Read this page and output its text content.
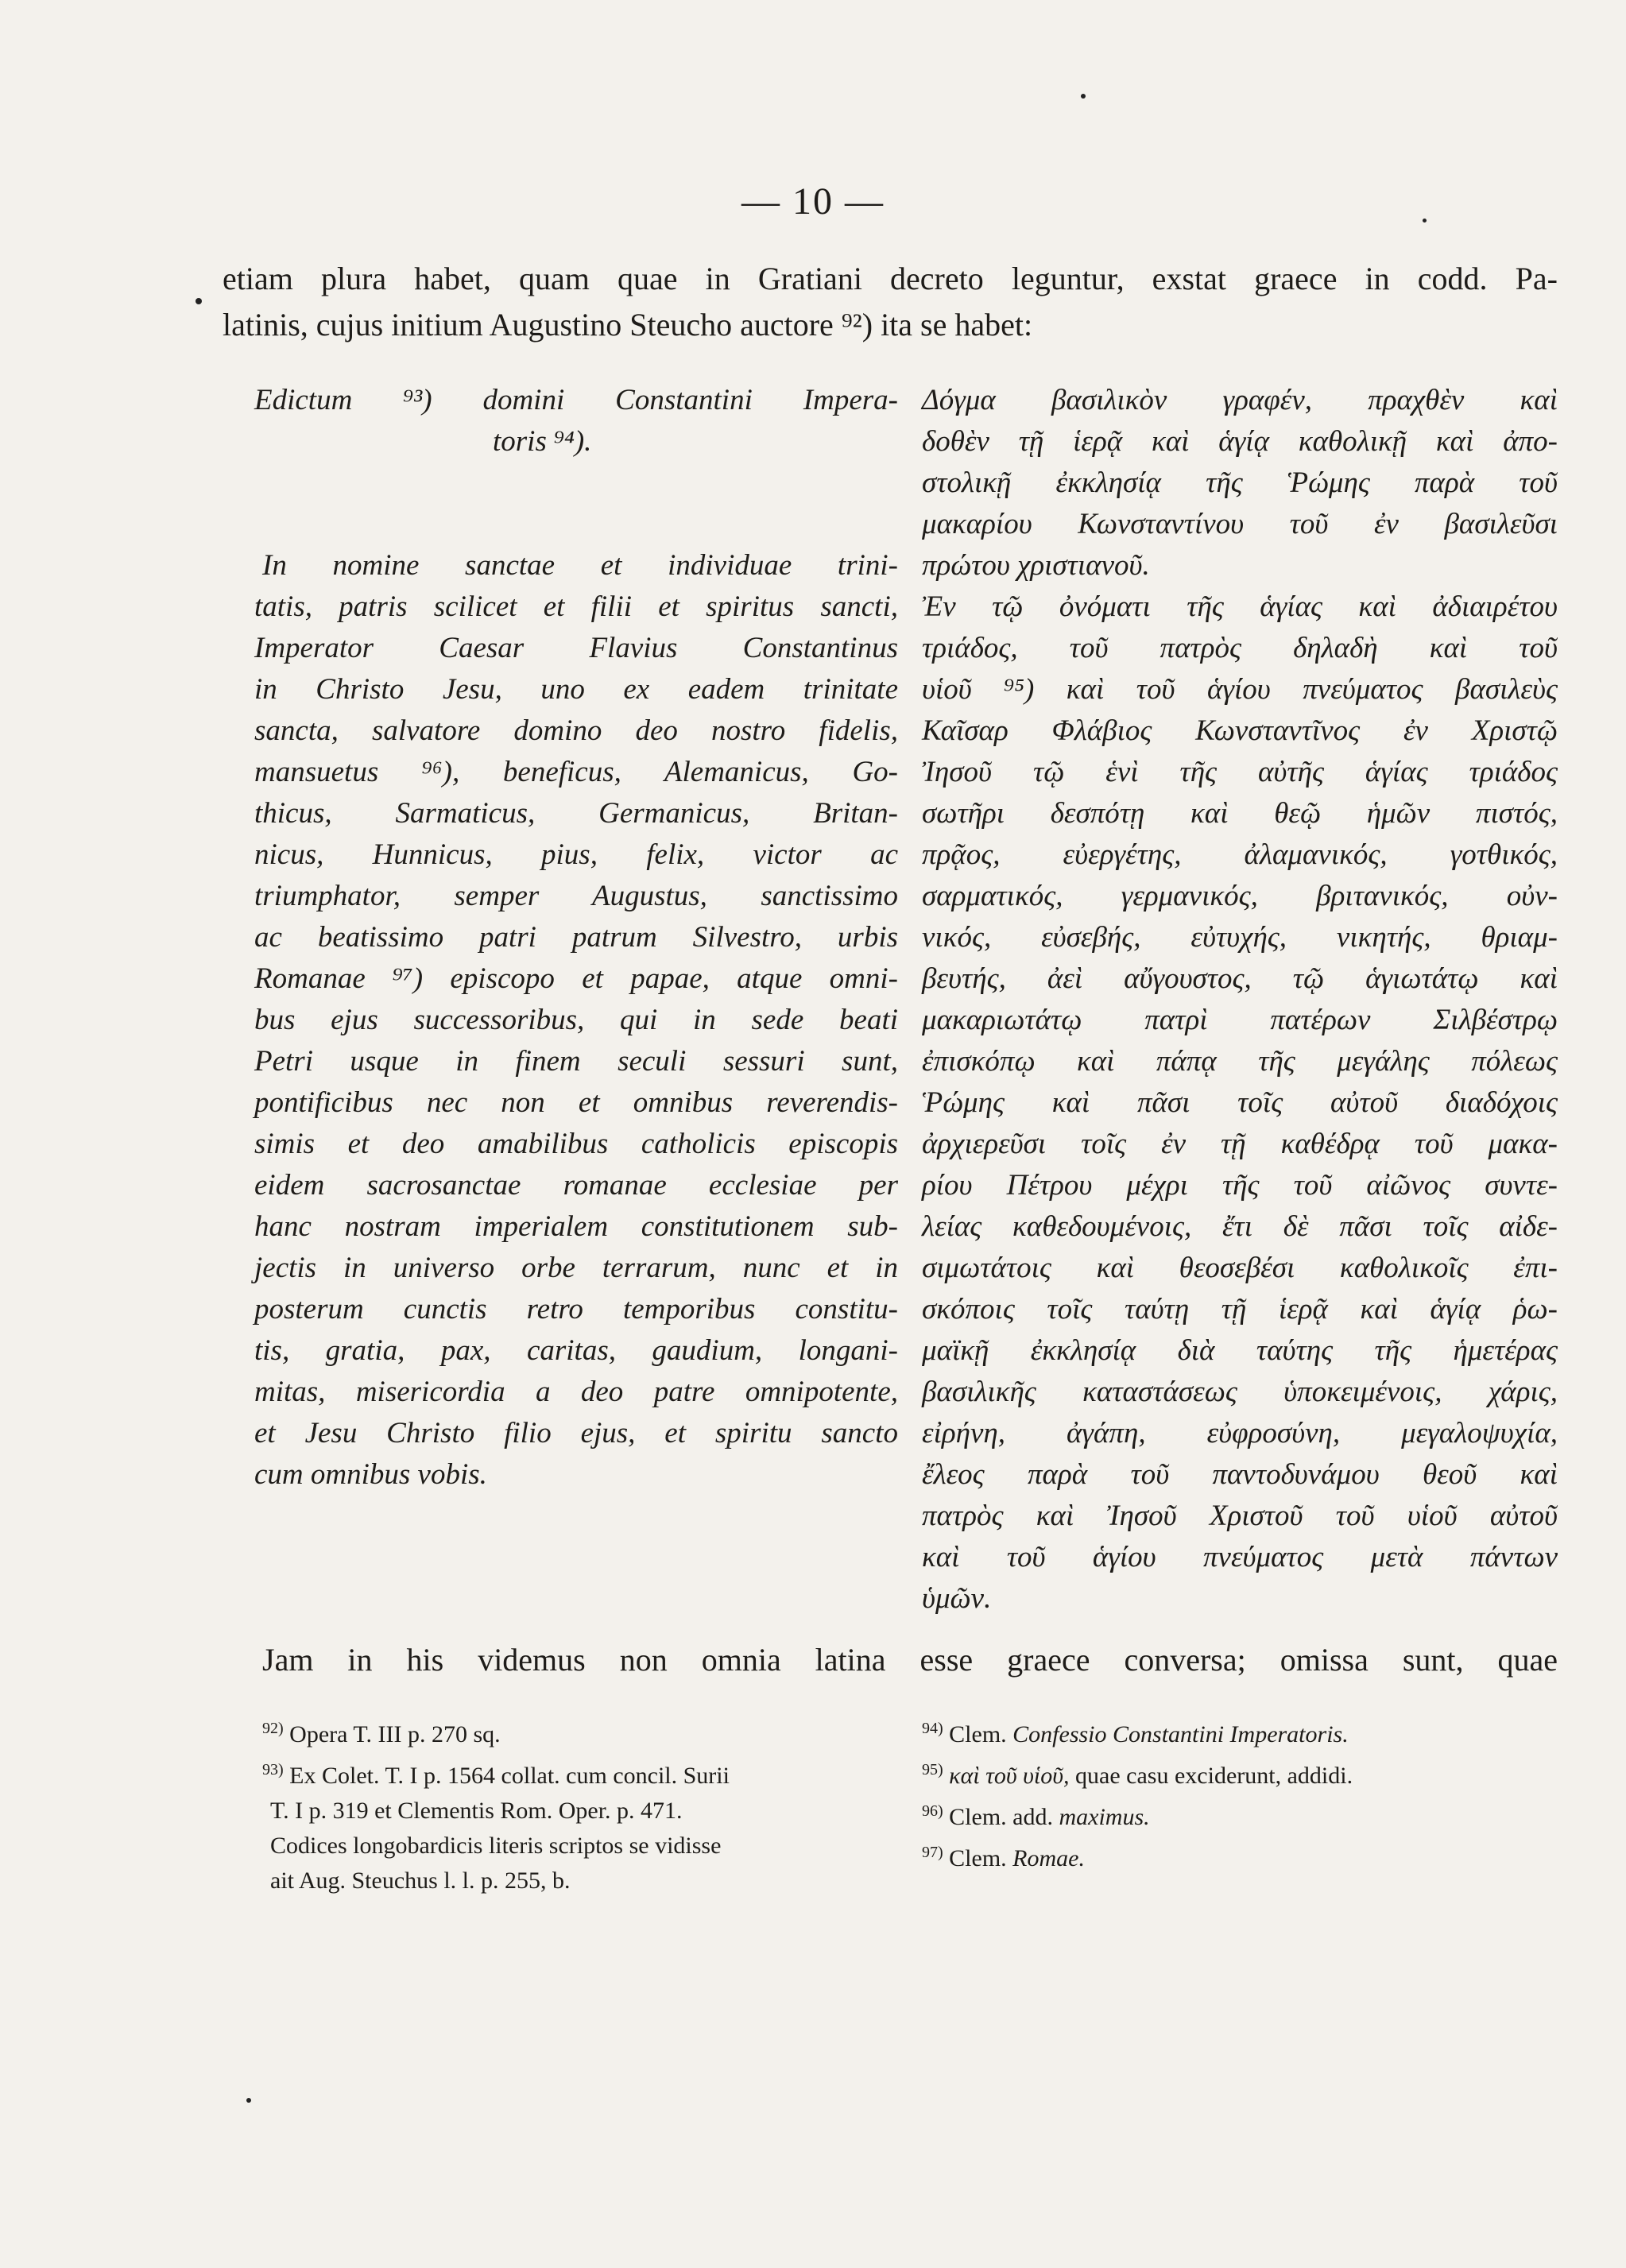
— 10 —
etiam plura habet, quam quae in Gratiani decreto leguntur, exstat graece in codd. Pa-
latinis, cujus initium Augustino Steucho auctore ⁹²) ita se habet:
Edictum ⁹³) domini Constantini Impera-
toris ⁹⁴).
In nomine sanctae et individuae trini-
tatis, patris scilicet et filii et spiritus sancti,
Imperator Caesar Flavius Constantinus
in Christo Jesu, uno ex eadem trinitate
sancta, salvatore domino deo nostro fidelis,
mansuetus ⁹⁶), beneficus, Alemanicus, Go-
thicus, Sarmaticus, Germanicus, Britan-
nicus, Hunnicus, pius, felix, victor ac
triumphator, semper Augustus, sanctissimo
ac beatissimo patri patrum Silvestro, urbis
Romanae ⁹⁷) episcopo et papae, atque omni-
bus ejus successoribus, qui in sede beati
Petri usque in finem seculi sessuri sunt,
pontificibus nec non et omnibus reverendis-
simis et deo amabilibus catholicis episcopis
eidem sacrosanctae romanae ecclesiae per
hanc nostram imperialem constitutionem sub-
jectis in universo orbe terrarum, nunc et in
posterum cunctis retro temporibus constitu-
tis, gratia, pax, caritas, gaudium, longani-
mitas, misericordia a deo patre omnipotente,
et Jesu Christo filio ejus, et spiritu sancto
cum omnibus vobis.
Δόγμα βασιλικὸν γραφέν, πραχθὲν καὶ
δοθὲν τῇ ἱερᾷ καὶ ἁγίᾳ καθολικῇ καὶ ἀπο-
στολικῇ ἐκκλησίᾳ τῆς Ῥώμης παρὰ τοῦ
μακαρίου Κωνσταντίνου τοῦ ἐν βασιλεῦσι
πρώτου χριστιανοῦ.
Ἐν τῷ ὀνόματι τῆς ἁγίας καὶ ἀδιαιρέτου
τριάδος, τοῦ πατρὸς δηλαδὴ καὶ τοῦ
υἱοῦ ⁹⁵) καὶ τοῦ ἁγίου πνεύματος βασιλεὺς
Καῖσαρ Φλάβιος Κωνσταντῖνος ἐν Χριστῷ
Ἰησοῦ τῷ ἑνὶ τῆς αὐτῆς ἁγίας τριάδος
σωτῆρι δεσπότῃ καὶ θεῷ ἡμῶν πιστός,
πρᾷος, εὐεργέτης, ἀλαμανικός, γοτθικός,
σαρματικός, γερμανικός, βριτανικός, οὐν-
νικός, εὐσεβής, εὐτυχής, νικητής, θριαμ-
βευτής, ἀεὶ αὔγουστος, τῷ ἁγιωτάτῳ καὶ
μακαριωτάτῳ πατρὶ πατέρων Σιλβέστρῳ
ἐπισκόπῳ καὶ πάπᾳ τῆς μεγάλης πόλεως
Ῥώμης καὶ πᾶσι τοῖς αὐτοῦ διαδόχοις
ἀρχιερεῦσι τοῖς ἐν τῇ καθέδρᾳ τοῦ μακα-
ρίου Πέτρου μέχρι τῆς τοῦ αἰῶνος συντε-
λείας καθεδουμένοις, ἔτι δὲ πᾶσι τοῖς αἰδε-
σιμωτάτοις καὶ θεοσεβέσι καθολικοῖς ἐπι-
σκόποις τοῖς ταύτῃ τῇ ἱερᾷ καὶ ἁγίᾳ ῥω-
μαϊκῇ ἐκκλησίᾳ διὰ ταύτης τῆς ἡμετέρας
βασιλικῆς καταστάσεως ὑποκειμένοις, χάρις,
εἰρήνη, ἀγάπη, εὐφροσύνη, μεγαλοψυχία,
ἔλεος παρὰ τοῦ παντοδυνάμου θεοῦ καὶ
πατρὸς καὶ Ἰησοῦ Χριστοῦ τοῦ υἱοῦ αὐτοῦ
καὶ τοῦ ἁγίου πνεύματος μετὰ πάντων
ὑμῶν.
Jam in his videmus non omnia latina esse graece conversa; omissa sunt, quae
$^{92)}$ Opera T. III p. 270 sq.
$^{93)}$ Ex Colet. T. I p. 1564 collat. cum concil. Surii
T. I p. 319 et Clementis Rom. Oper. p. 471.
Codices longobardicis literis scriptos se vidisse
ait Aug. Steuchus l. l. p. 255, b.
$^{94)}$ Clem. Confessio Constantini Imperatoris.
$^{95)}$ καὶ τοῦ υἱοῦ, quae casu exciderunt, addidi.
$^{96)}$ Clem. add. maximus.
$^{97)}$ Clem. Romae.
